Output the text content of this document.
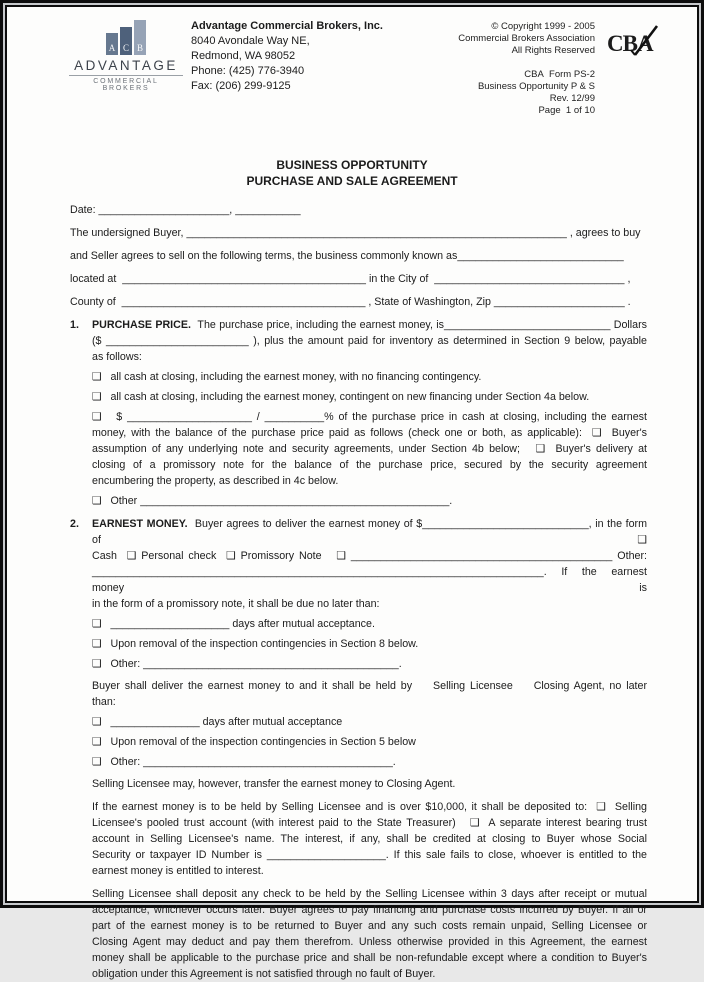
A C B
ADVANTAGE
COMMERCIAL BROKERS
Advantage Commercial Brokers, Inc.
8040 Avondale Way NE,
Redmond, WA 98052
Phone: (425) 776-3940
Fax: (206) 299-9125
© Copyright 1999 - 2005
Commercial Brokers Association
All Rights Reserved
CBA  Form PS-2
Business Opportunity P & S
Rev. 12/99
Page  1 of 10
CBA
BUSINESS OPPORTUNITY
PURCHASE AND SALE AGREEMENT
Date: ______________________, ___________
The undersigned Buyer, ________________________________________________________________ , agrees to buy
and Seller agrees to sell on the following terms, the business commonly known as____________________________
located at  _________________________________________ in the City of  ________________________________ ,
County of  _________________________________________ , State of Washington, Zip ______________________ .
1. PURCHASE PRICE.  The purchase price, including the earnest money, is____________________________ Dollars
($ ________________________ ), plus the amount paid for inventory as determined in Section 9 below, payable
as follows:
❑   all cash at closing, including the earnest money, with no financing contingency.
❑   all cash at closing, including the earnest money, contingent on new financing under Section 4a below.
❑   $ _____________________ / __________% of the purchase price in cash at closing, including the earnest
money, with the balance of the purchase price paid as follows (check one or both, as applicable):  ❑  Buyer's
assumption of any underlying note and security agreements, under Section 4b below;   ❑  Buyer's delivery at
closing of a promissory note for the balance of the purchase price, secured by the security agreement
encumbering the property, as described in 4c below.
❑   Other ____________________________________________________.
2. EARNEST MONEY.  Buyer agrees to deliver the earnest money of $____________________________, in the form of ❑
Cash  ❑ Personal check  ❑ Promissory Note   ❑ ____________________________________________ Other:
____________________________________________________________________________. If the earnest money is
in the form of a promissory note, it shall be due no later than:
❑   ____________________ days after mutual acceptance.
❑   Upon removal of the inspection contingencies in Section 8 below.
❑   Other: ___________________________________________.
Buyer shall deliver the earnest money to and it shall be held by   Selling Licensee   Closing Agent, no later
than:
❑   _______________ days after mutual acceptance
❑   Upon removal of the inspection contingencies in Section 5 below
❑   Other: __________________________________________.
Selling Licensee may, however, transfer the earnest money to Closing Agent.
If the earnest money is to be held by Selling Licensee and is over $10,000, it shall be deposited to:  ❑  Selling
Licensee's pooled trust account (with interest paid to the State Treasurer)   ❑  A separate interest bearing trust
account in Selling Licensee's name. The interest, if any, shall be credited at closing to Buyer whose Social
Security or taxpayer ID Number is ____________________. If this sale fails to close, whoever is entitled to the
earnest money is entitled to interest.
Selling Licensee shall deposit any check to be held by the Selling Licensee within 3 days after receipt or mutual
acceptance, whichever occurs later. Buyer agrees to pay financing and purchase costs incurred by Buyer. If all or
part of the earnest money is to be returned to Buyer and any such costs remain unpaid, Selling Licensee or
Closing Agent may deduct and pay them therefrom. Unless otherwise provided in this Agreement, the earnest
money shall be applicable to the purchase price and shall be non-refundable except where a condition to Buyer's
obligation under this Agreement is not satisfied through no fault of Buyer.
